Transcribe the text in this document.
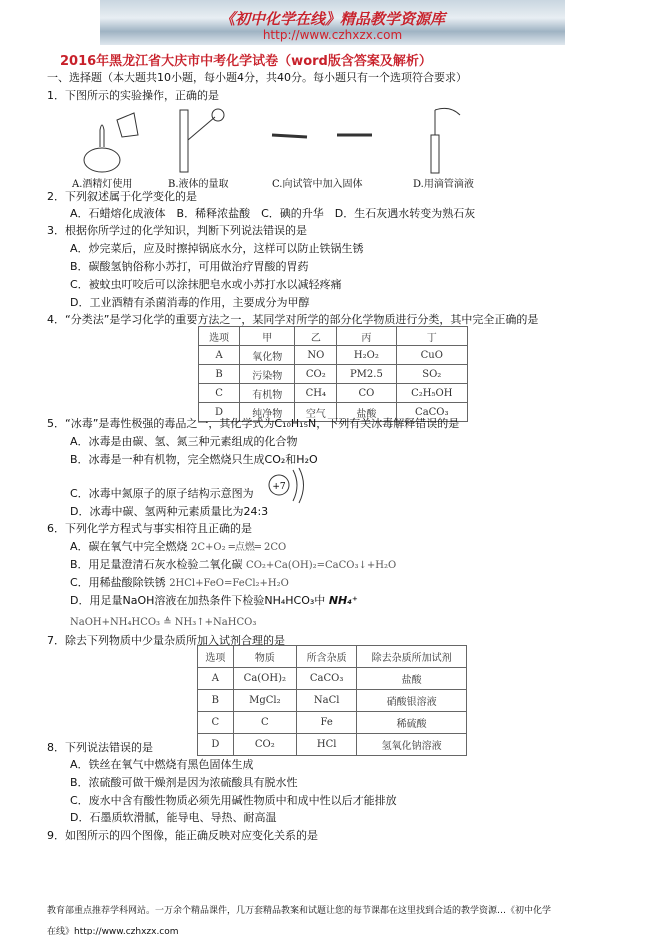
《初中化学在线》精品教学资源库
http://www.czhxzx.com
2016年黑龙江省大庆市中考化学试卷（word版含答案及解析）
一、选择题（本大题共10小题，每小题4分，共40分。每小题只有一个选项符合要求）
1．下图所示的实验操作，正确的是
A.酒精灯使用	B.液体的量取	C.向试管中加入固体	D.用滴管滴液
2．下列叙述属于化学变化的是
A．石蜡熔化成液体　B．稀释浓盐酸　C．碘的升华　D．生石灰遇水转变为熟石灰
3．根据你所学过的化学知识，判断下列说法错误的是
A．炒完菜后，应及时擦掉锅底水分，这样可以防止铁锅生锈
B．碳酸氢钠俗称小苏打，可用做治疗胃酸的胃药
C．被蚊虫叮咬后可以涂抹肥皂水或小苏打水以减轻疼痛
D．工业酒精有杀菌消毒的作用，主要成分为甲醇
4．“分类法”是学习化学的重要方法之一，某同学对所学的部分化学物质进行分类，其中完全正确的是
选项	甲	乙	丙	丁
A	氧化物	NO	H₂O₂	CuO
B	污染物	CO₂	PM2.5	SO₂
C	有机物	CH₄	CO	C₂H₅OH
D	纯净物	空气	盐酸	CaCO₃
5．“冰毒”是毒性极强的毒品之一，其化学式为C₁₀H₁₅N，下列有关冰毒解释错误的是
A．冰毒是由碳、氢、氮三种元素组成的化合物
B．冰毒是一种有机物，完全燃烧只生成CO₂和H₂O
+7
C．冰毒中氮原子的原子结构示意图为
D．冰毒中碳、氢两种元素质量比为24:3
6．下列化学方程式与事实相符且正确的是
A．碳在氧气中完全燃烧 2C+O₂ ═点燃═ 2CO
B．用足量澄清石灰水检验二氧化碳 CO₂+Ca(OH)₂=CaCO₃↓+H₂O
C．用稀盐酸除铁锈 2HCl+FeO=FeCl₂+H₂O
D．用足量NaOH溶液在加热条件下检验NH₄HCO₃中 NH₄⁺
NaOH+NH₄HCO₃ ≜ NH₃↑+NaHCO₃
7．除去下列物质中少量杂质所加入试剂合理的是
选项	物质	所含杂质	除去杂质所加试剂
A	Ca(OH)₂	CaCO₃	盐酸
B	MgCl₂	NaCl	硝酸银溶液
C	C	Fe	稀硫酸
D	CO₂	HCl	氢氧化钠溶液
8．下列说法错误的是
A．铁丝在氧气中燃烧有黑色固体生成
B．浓硫酸可做干燥剂是因为浓硫酸具有脱水性
C．废水中含有酸性物质必须先用碱性物质中和成中性以后才能排放
D．石墨质软滑腻，能导电、导热、耐高温
9．如图所示的四个图像，能正确反映对应变化关系的是
教育部重点推荐学科网站。一万余个精品课件，几万套精品教案和试题让您的每节课都在这里找到合适的教学资源…《初中化学
在线》http://www.czhxzx.com
